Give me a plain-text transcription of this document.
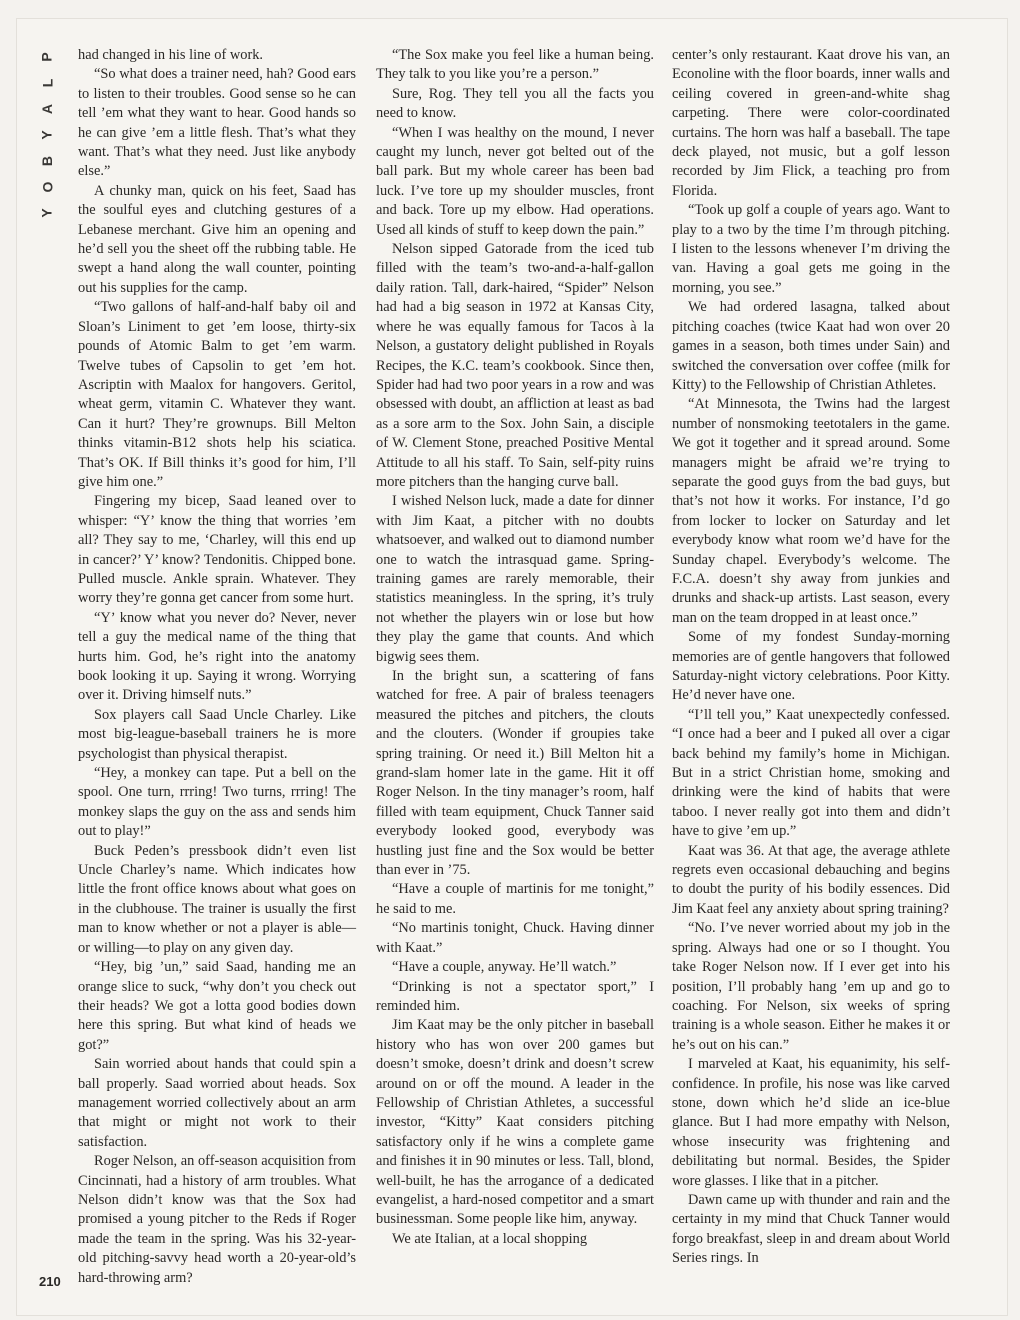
P
L
A
Y
B
O
Y

had changed in his line of work.

“So what does a trainer need, hah? Good ears to listen to their troubles. Good sense so he can tell ’em what they want to hear. Good hands so he can give ’em a little flesh. That’s what they want. That’s what they need. Just like anybody else.”

A chunky man, quick on his feet, Saad has the soulful eyes and clutching gestures of a Lebanese merchant. Give him an opening and he’d sell you the sheet off the rubbing table. He swept a hand along the wall counter, pointing out his supplies for the camp.

“Two gallons of half-and-half baby oil and Sloan’s Liniment to get ’em loose, thirty-six pounds of Atomic Balm to get ’em warm. Twelve tubes of Capsolin to get ’em hot. Ascriptin with Maalox for hangovers. Geritol, wheat germ, vitamin C. Whatever they want. Can it hurt? They’re grownups. Bill Melton thinks vitamin-B12 shots help his sciatica. That’s OK. If Bill thinks it’s good for him, I’ll give him one.”

Fingering my bicep, Saad leaned over to whisper: “Y’ know the thing that worries ’em all? They say to me, ‘Charley, will this end up in cancer?’ Y’ know? Tendonitis. Chipped bone. Pulled muscle. Ankle sprain. Whatever. They worry they’re gonna get cancer from some hurt.

“Y’ know what you never do? Never, never tell a guy the medical name of the thing that hurts him. God, he’s right into the anatomy book looking it up. Saying it wrong. Worrying over it. Driving himself nuts.”

Sox players call Saad Uncle Charley. Like most big-league-baseball trainers he is more psychologist than physical therapist.

“Hey, a monkey can tape. Put a bell on the spool. One turn, rrring! Two turns, rrring! The monkey slaps the guy on the ass and sends him out to play!”

Buck Peden’s pressbook didn’t even list Uncle Charley’s name. Which indicates how little the front office knows about what goes on in the clubhouse. The trainer is usually the first man to know whether or not a player is able—or willing—to play on any given day.

“Hey, big ’un,” said Saad, handing me an orange slice to suck, “why don’t you check out their heads? We got a lotta good bodies down here this spring. But what kind of heads we got?”

Sain worried about hands that could spin a ball properly. Saad worried about heads. Sox management worried collectively about an arm that might or might not work to their satisfaction.

Roger Nelson, an off-season acquisition from Cincinnati, had a history of arm troubles. What Nelson didn’t know was that the Sox had promised a young pitcher to the Reds if Roger made the team in the spring. Was his 32-year-old pitching-savvy head worth a 20-year-old’s hard-throwing arm?

“The Sox make you feel like a human being. They talk to you like you’re a person.”

Sure, Rog. They tell you all the facts you need to know.

“When I was healthy on the mound, I never caught my lunch, never got belted out of the ball park. But my whole career has been bad luck. I’ve tore up my shoulder muscles, front and back. Tore up my elbow. Had operations. Used all kinds of stuff to keep down the pain.”

Nelson sipped Gatorade from the iced tub filled with the team’s two-and-a-half-gallon daily ration. Tall, dark-haired, “Spider” Nelson had had a big season in 1972 at Kansas City, where he was equally famous for Tacos à la Nelson, a gustatory delight published in Royals Recipes, the K.C. team’s cookbook. Since then, Spider had had two poor years in a row and was obsessed with doubt, an affliction at least as bad as a sore arm to the Sox. John Sain, a disciple of W. Clement Stone, preached Positive Mental Attitude to all his staff. To Sain, self-pity ruins more pitchers than the hanging curve ball.

I wished Nelson luck, made a date for dinner with Jim Kaat, a pitcher with no doubts whatsoever, and walked out to diamond number one to watch the intrasquad game. Spring-training games are rarely memorable, their statistics meaningless. In the spring, it’s truly not whether the players win or lose but how they play the game that counts. And which bigwig sees them.

In the bright sun, a scattering of fans watched for free. A pair of braless teenagers measured the pitches and pitchers, the clouts and the clouters. (Wonder if groupies take spring training. Or need it.) Bill Melton hit a grand-slam homer late in the game. Hit it off Roger Nelson. In the tiny manager’s room, half filled with team equipment, Chuck Tanner said everybody looked good, everybody was hustling just fine and the Sox would be better than ever in ’75.

“Have a couple of martinis for me tonight,” he said to me.

“No martinis tonight, Chuck. Having dinner with Kaat.”

“Have a couple, anyway. He’ll watch.”

“Drinking is not a spectator sport,” I reminded him.

Jim Kaat may be the only pitcher in baseball history who has won over 200 games but doesn’t smoke, doesn’t drink and doesn’t screw around on or off the mound. A leader in the Fellowship of Christian Athletes, a successful investor, “Kitty” Kaat considers pitching satisfactory only if he wins a complete game and finishes it in 90 minutes or less. Tall, blond, well-built, he has the arrogance of a dedicated evangelist, a hard-nosed competitor and a smart businessman. Some people like him, anyway.

We ate Italian, at a local shopping

center’s only restaurant. Kaat drove his van, an Econoline with the floor boards, inner walls and ceiling covered in green-and-white shag carpeting. There were color-coordinated curtains. The horn was half a baseball. The tape deck played, not music, but a golf lesson recorded by Jim Flick, a teaching pro from Florida.

“Took up golf a couple of years ago. Want to play to a two by the time I’m through pitching. I listen to the lessons whenever I’m driving the van. Having a goal gets me going in the morning, you see.”

We had ordered lasagna, talked about pitching coaches (twice Kaat had won over 20 games in a season, both times under Sain) and switched the conversation over coffee (milk for Kitty) to the Fellowship of Christian Athletes.

“At Minnesota, the Twins had the largest number of nonsmoking teetotalers in the game. We got it together and it spread around. Some managers might be afraid we’re trying to separate the good guys from the bad guys, but that’s not how it works. For instance, I’d go from locker to locker on Saturday and let everybody know what room we’d have for the Sunday chapel. Everybody’s welcome. The F.C.A. doesn’t shy away from junkies and drunks and shack-up artists. Last season, every man on the team dropped in at least once.”

Some of my fondest Sunday-morning memories are of gentle hangovers that followed Saturday-night victory celebrations. Poor Kitty. He’d never have one.

“I’ll tell you,” Kaat unexpectedly confessed. “I once had a beer and I puked all over a cigar back behind my family’s home in Michigan. But in a strict Christian home, smoking and drinking were the kind of habits that were taboo. I never really got into them and didn’t have to give ’em up.”

Kaat was 36. At that age, the average athlete regrets even occasional debauching and begins to doubt the purity of his bodily essences. Did Jim Kaat feel any anxiety about spring training?

“No. I’ve never worried about my job in the spring. Always had one or so I thought. You take Roger Nelson now. If I ever get into his position, I’ll probably hang ’em up and go to coaching. For Nelson, six weeks of spring training is a whole season. Either he makes it or he’s out on his can.”

I marveled at Kaat, his equanimity, his self-confidence. In profile, his nose was like carved stone, down which he’d slide an ice-blue glance. But I had more empathy with Nelson, whose insecurity was frightening and debilitating but normal. Besides, the Spider wore glasses. I like that in a pitcher.

Dawn came up with thunder and rain and the certainty in my mind that Chuck Tanner would forgo breakfast, sleep in and dream about World Series rings. In

210
